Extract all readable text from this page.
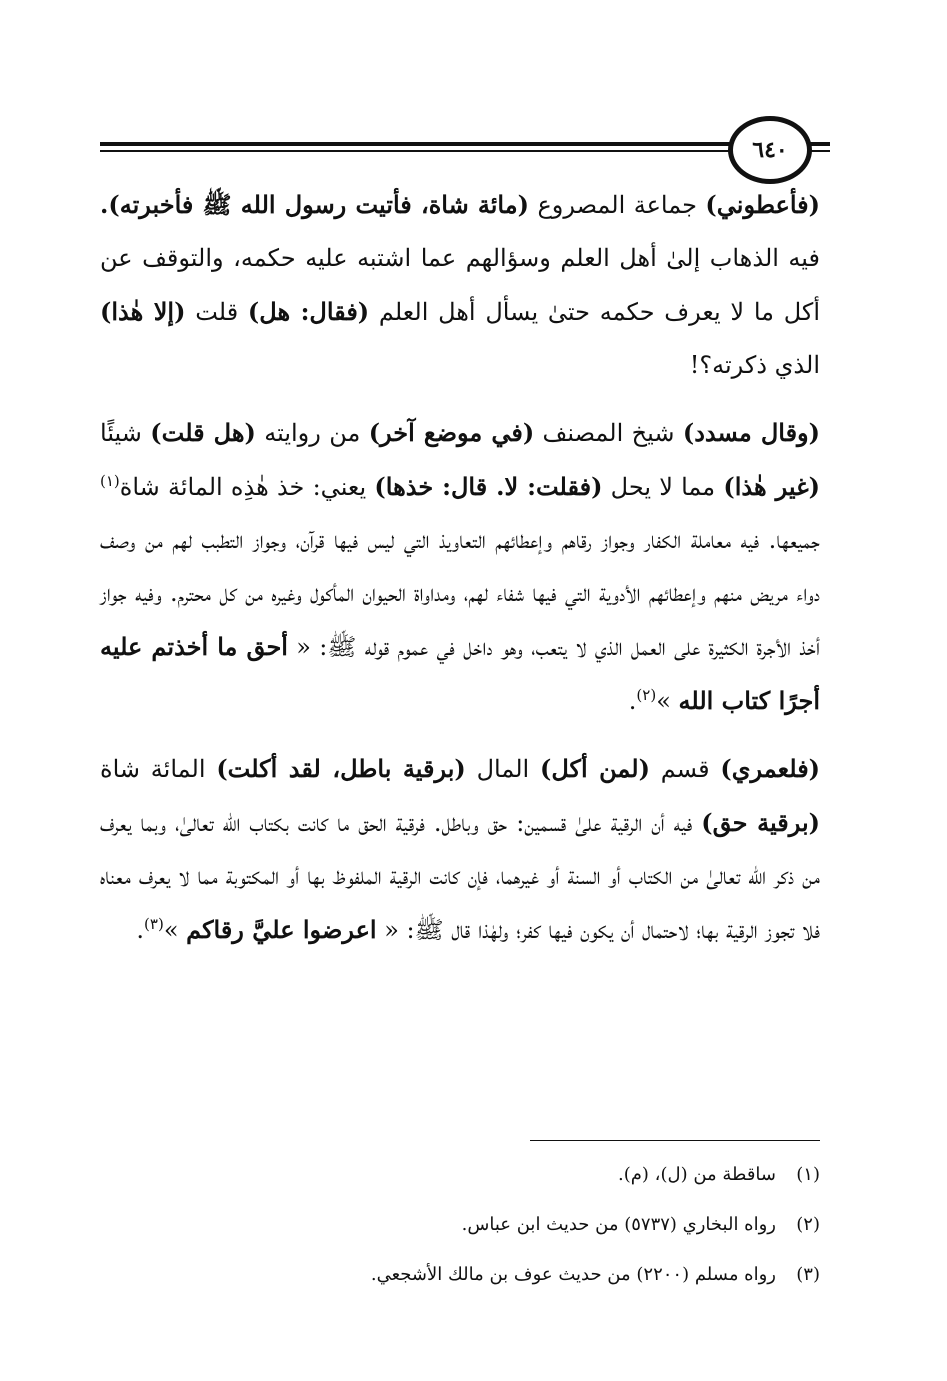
٦٤٠

(فأعطوني) جماعة المصروع (مائة شاة، فأتيت رسول الله ﷺ فأخبرته). فيه الذهاب إلىٰ أهل العلم وسؤالهم عما اشتبه عليه حكمه، والتوقف عن أكل ما لا يعرف حكمه حتىٰ يسأل أهل العلم (فقال: هل) قلت (إلا هٰذا) الذي ذكرته؟!

(وقال مسدد) شيخ المصنف (في موضع آخر) من روايته (هل قلت) شيئًا (غير هٰذا) مما لا يحل (فقلت: لا. قال: خذها) يعني: خذ هٰذِه المائة شاة$^{(١)}$ جميعها. فيه معاملة الكفار وجواز رقاهم وإعطائهم التعاويذ التي ليس فيها قرآن، وجواز التطبب لهم من وصف دواء مريض منهم وإعطائهم الأدوية التي فيها شفاء لهم، ومداواة الحيوان المأكول وغيره من كل محترم. وفيه جواز أخذ الأجرة الكثيرة على العمل الذي لا يتعب، وهو داخل في عموم قوله ﷺ: « أحق ما أخذتم عليه أجرًا كتاب الله »$^{(٢)}$.

(فلعمري) قسم (لمن أكل) المال (برقية باطل، لقد أكلت) المائة شاة (برقية حق) فيه أن الرقية علىٰ قسمين: حق وباطل. فرقية الحق ما كانت بكتاب الله تعالىٰ، وبما يعرف من ذكر الله تعالىٰ من الكتاب أو السنة أو غيرهما، فإن كانت الرقية الملفوظ بها أو المكتوبة مما لا يعرف معناه فلا تجوز الرقية بها؛ لاحتمال أن يكون فيها كفر؛ ولهٰذا قال ﷺ: « اعرضوا عليَّ رقاكم »$^{(٣)}$.

(١)
ساقطة من (ل)، (م).
(٢)
رواه البخاري (٥٧٣٧) من حديث ابن عباس.
(٣)
رواه مسلم (٢٢٠٠) من حديث عوف بن مالك الأشجعي.
